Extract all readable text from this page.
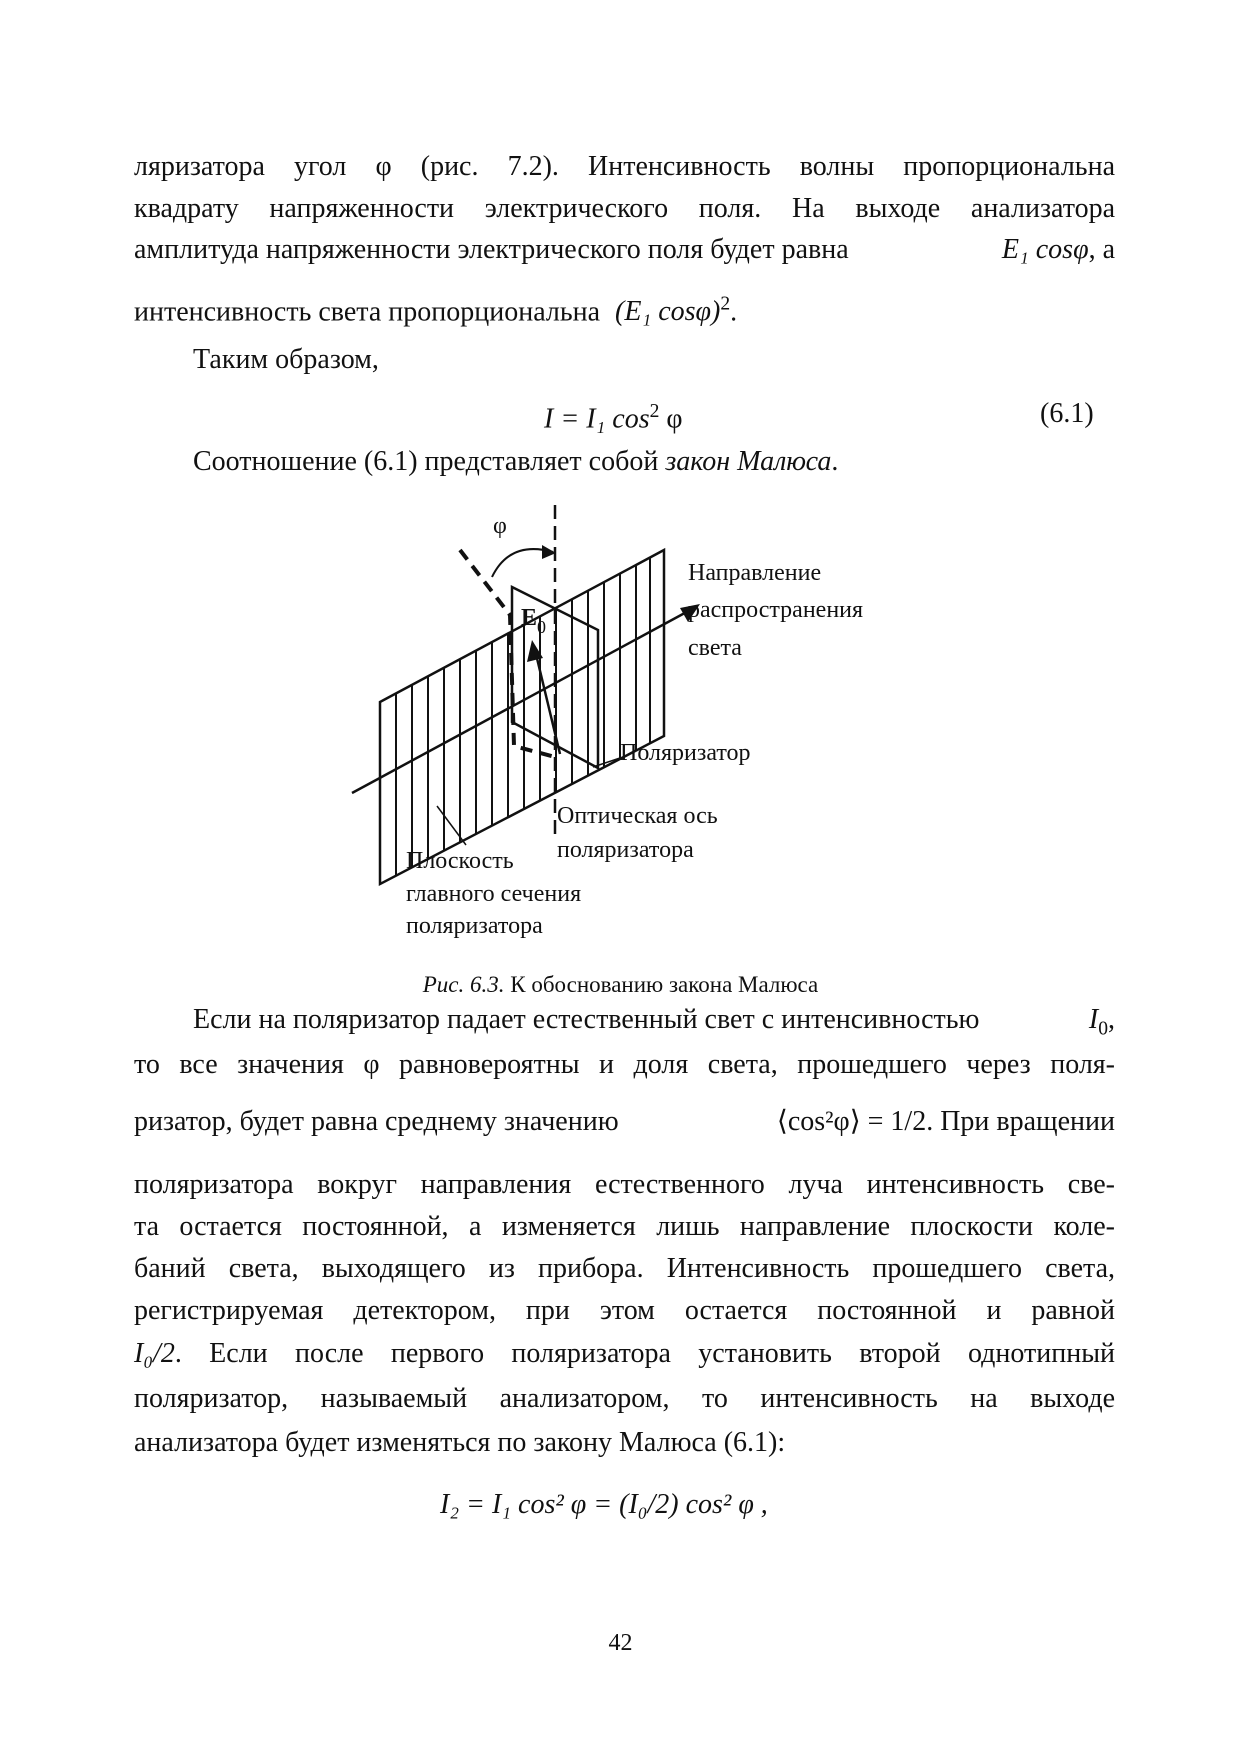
ляризатора угол φ (рис. 7.2). Интенсивность волны пропорциональна
квадрату напряженности электрического поля. На выходе анализатора
амплитуда напряженности электрического поля будет равна	E₁ cosφ, а
интенсивность света пропорциональна (E₁ cosφ)$^2$.
Таким образом,
I = I₁ $\cos^2 \varphi$	(6.1)
Соотношение (6.1) представляет собой закон Малюса.
φ
$E_0$
Направление
распространения
света
Поляризатор
Оптическая ось
поляризатора
Плоскость
главного сечения
поляризатора
Рис. 6.3. К обоснованию закона Малюса
Если на поляризатор падает естественный свет с интенсивностью	$I_0$,
то все значения φ равновероятны и доля света, прошедшего через поля-
ризатор, будет равна среднему значению	⟨cos²φ⟩ = 1/2. При вращении
поляризатора вокруг направления естественного луча интенсивность све-
та остается постоянной, а изменяется лишь направление плоскости коле-
баний света, выходящего из прибора. Интенсивность прошедшего света,
регистрируемая детектором, при этом остается постоянной и равной
I₀/2 . Если после первого поляризатора установить второй однотипный
поляризатор, называемый анализатором, то интенсивность на выходе
анализатора будет изменяться по закону Малюса (6.1):
I₂ = I₁ cos² φ = (I₀/2) cos² φ ,
42
